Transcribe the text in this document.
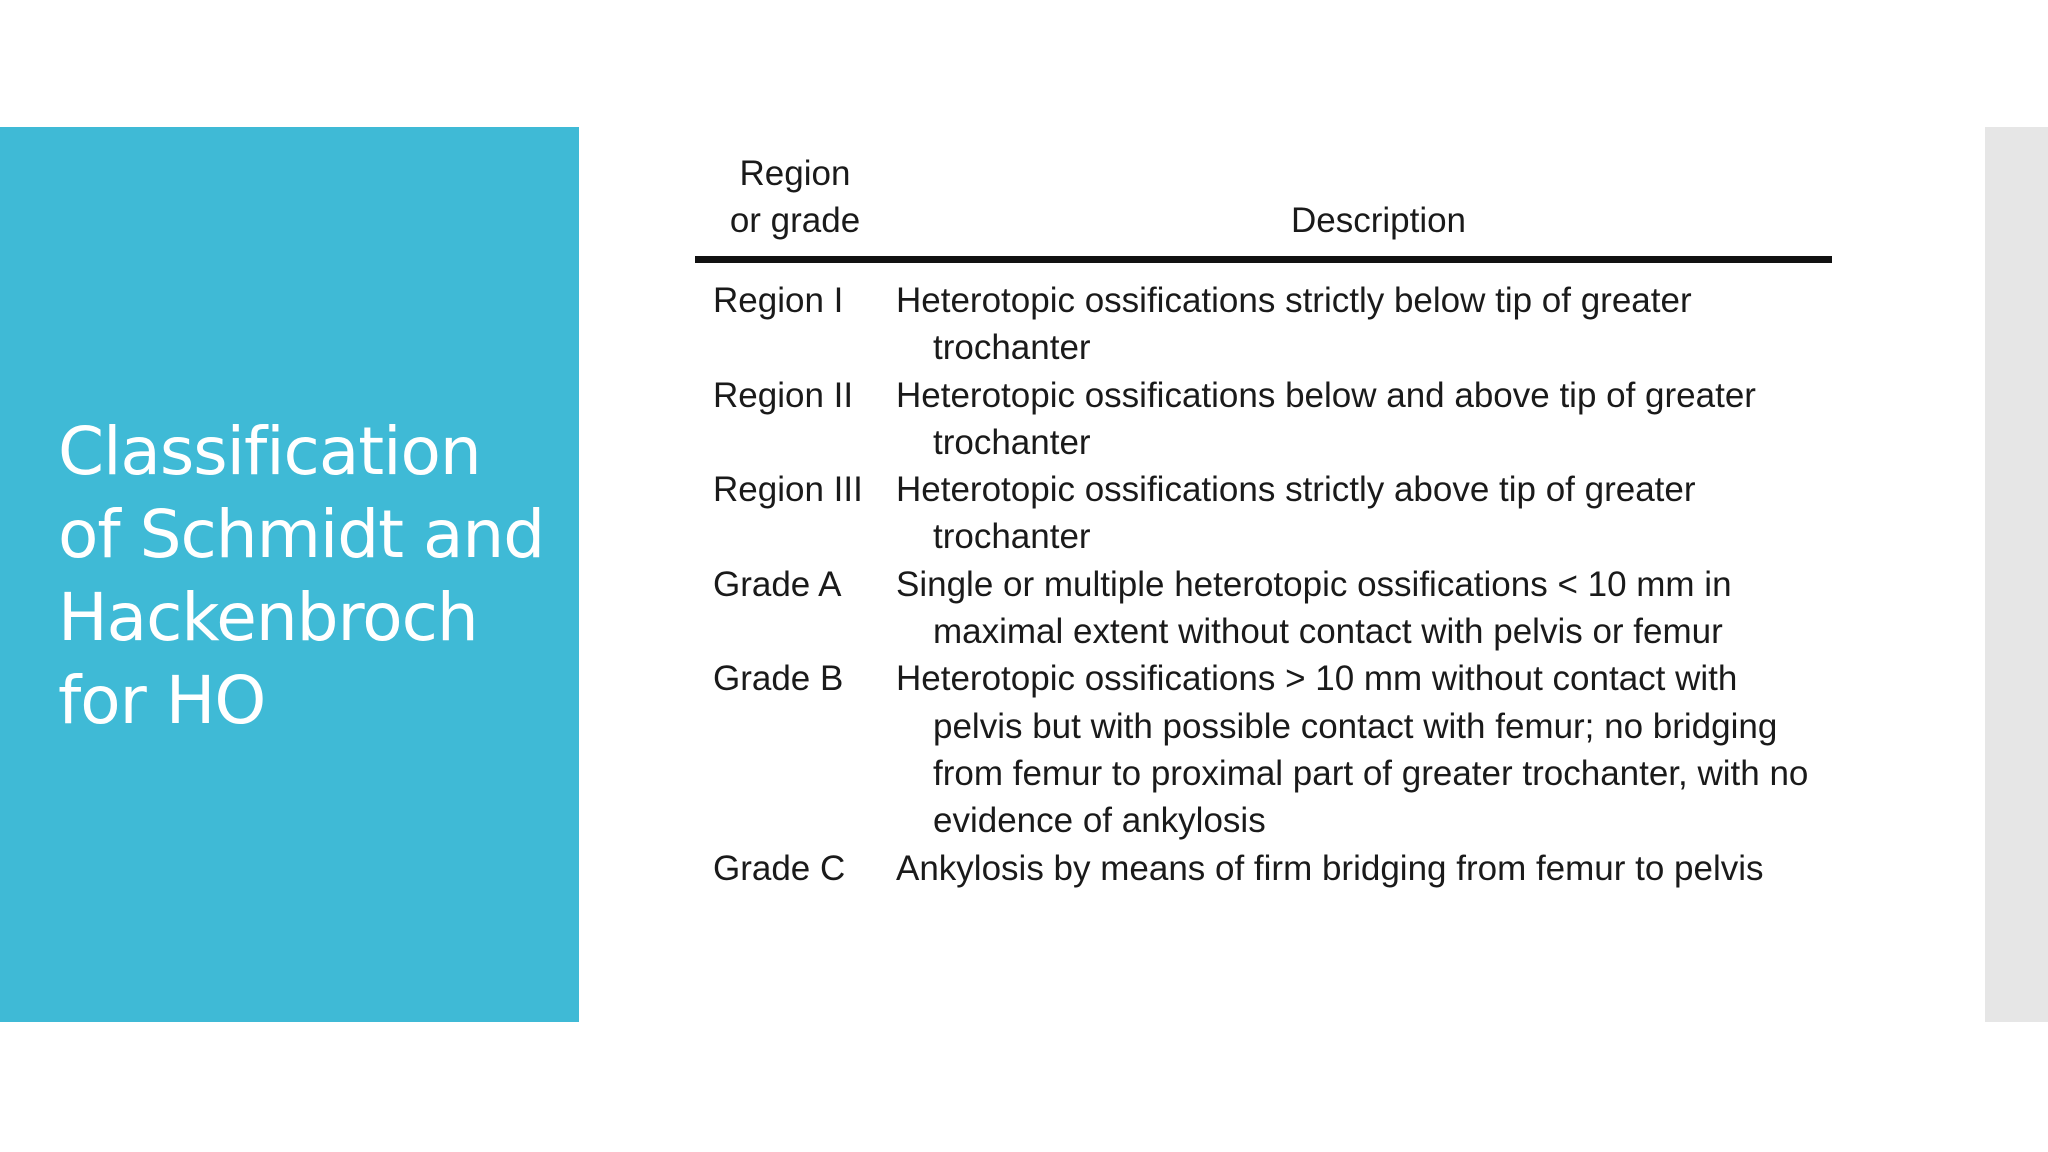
Classification of Schmidt and Hackenbroch for HO
Region
or grade	Description
Region I	Heterotopic ossifications strictly below tip of greater trochanter
Region II	Heterotopic ossifications below and above tip of greater trochanter
Region III Heterotopic ossifications strictly above tip of greater trochanter
Grade A	Single or multiple heterotopic ossifications < 10 mm in maximal extent without contact with pelvis or femur
Grade B	Heterotopic ossifications > 10 mm without contact with pelvis but with possible contact with femur; no bridging from femur to proximal part of greater trochanter, with no evidence of ankylosis
Grade C	Ankylosis by means of firm bridging from femur to pelvis
